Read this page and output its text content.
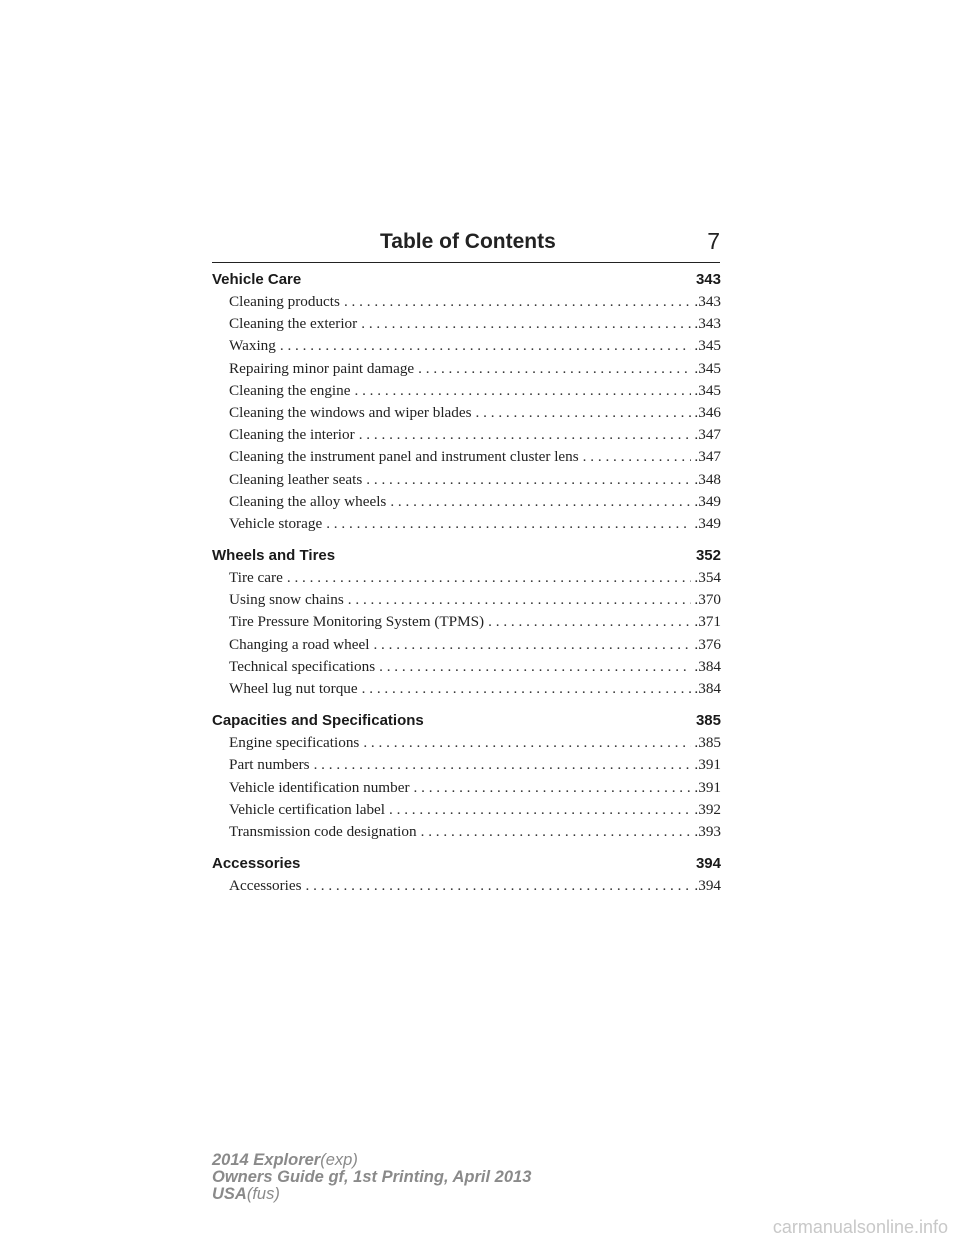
Table of Contents	7
Vehicle Care	343
Cleaning products . . .	.343
Cleaning the exterior . . .	.343
Waxing . . .	.345
Repairing minor paint damage . . .	.345
Cleaning the engine . . .	.345
Cleaning the windows and wiper blades . . .	.346
Cleaning the interior . . .	.347
Cleaning the instrument panel and instrument cluster lens . . .	.347
Cleaning leather seats . . .	.348
Cleaning the alloy wheels . . .	.349
Vehicle storage . . .	.349
Wheels and Tires	352
Tire care . . .	.354
Using snow chains . . .	.370
Tire Pressure Monitoring System (TPMS) . . .	.371
Changing a road wheel . . .	.376
Technical specifications . . .	.384
Wheel lug nut torque . . .	.384
Capacities and Specifications	385
Engine specifications . . .	.385
Part numbers . . .	.391
Vehicle identification number . . .	.391
Vehicle certification label . . .	.392
Transmission code designation . . .	.393
Accessories	394
Accessories . . .	.394
2014 Explorer(exp)
Owners Guide gf, 1st Printing, April 2013
USA(fus)
carmanualsonline.info
